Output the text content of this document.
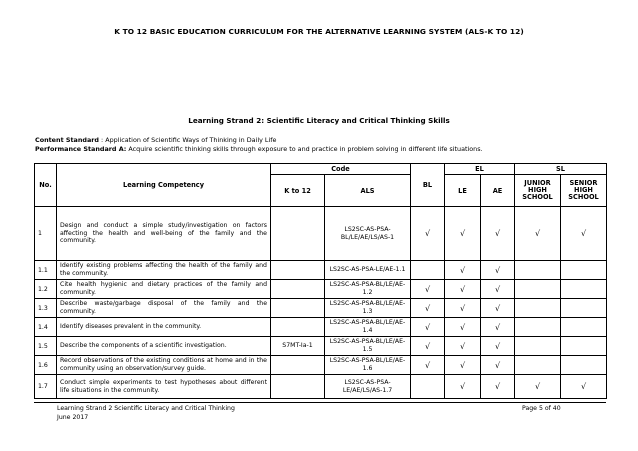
K TO 12 BASIC EDUCATION CURRICULUM FOR THE ALTERNATIVE LEARNING SYSTEM (ALS-K TO 12)
Learning Strand 2: Scientific Literacy and Critical Thinking Skills
Content Standard : Application of Scientific Ways of Thinking in Daily Life
Performance Standard A: Acquire scientific thinking skills through exposure to and practice in problem solving in different life situations.
No.	Learning Competency	Code		BL	EL		SL	
		K to 12	ALS		LE	AE	JUNIOR HIGH SCHOOL	SENIOR HIGH SCHOOL
1	Design and conduct a simple study/investigation on factors affecting the health and well-being of the family and the community.		LS2SC-AS-PSA-BL/LE/AE/LS/AS-1	√	√	√	√	√
1.1	Identify existing problems affecting the health of the family and the community.		LS2SC-AS-PSA-LE/AE-1.1		√	√		
1.2	Cite health hygienic and dietary practices of the family and community.		LS2SC-AS-PSA-BL/LE/AE-1.2	√	√	√		
1.3	Describe waste/garbage disposal of the family and the community.		LS2SC-AS-PSA-BL/LE/AE-1.3	√	√	√		
1.4	Identify diseases prevalent in the community.		LS2SC-AS-PSA-BL/LE/AE-1.4	√	√	√		
1.5	Describe the components of a scientific investigation.	S7MT-Ia-1	LS2SC-AS-PSA-BL/LE/AE-1.5	√	√	√		
1.6	Record observations of the existing conditions at home and in the community using an observation/survey guide.		LS2SC-AS-PSA-BL/LE/AE-1.6	√	√	√		
1.7	Conduct simple experiments to test hypotheses about different life situations in the community.		LS2SC-AS-PSA-LE/AE/LS/AS-1.7		√	√	√	√
Learning Strand 2 Scientific Literacy and Critical Thinking
June 2017
Page 5 of 40
